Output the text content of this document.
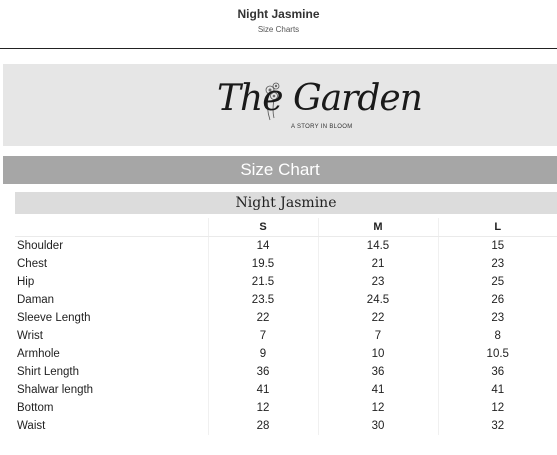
Night Jasmine
Size Charts
The Garden
A STORY IN BLOOM
Size Chart
Night Jasmine
	S	M	L
Shoulder	14	14.5	15
Chest	19.5	21	23
Hip	21.5	23	25
Daman	23.5	24.5	26
Sleeve Length	22	22	23
Wrist	7	7	8
Armhole	9	10	10.5
Shirt Length	36	36	36
Shalwar length	41	41	41
Bottom	12	12	12
Waist	28	30	32
